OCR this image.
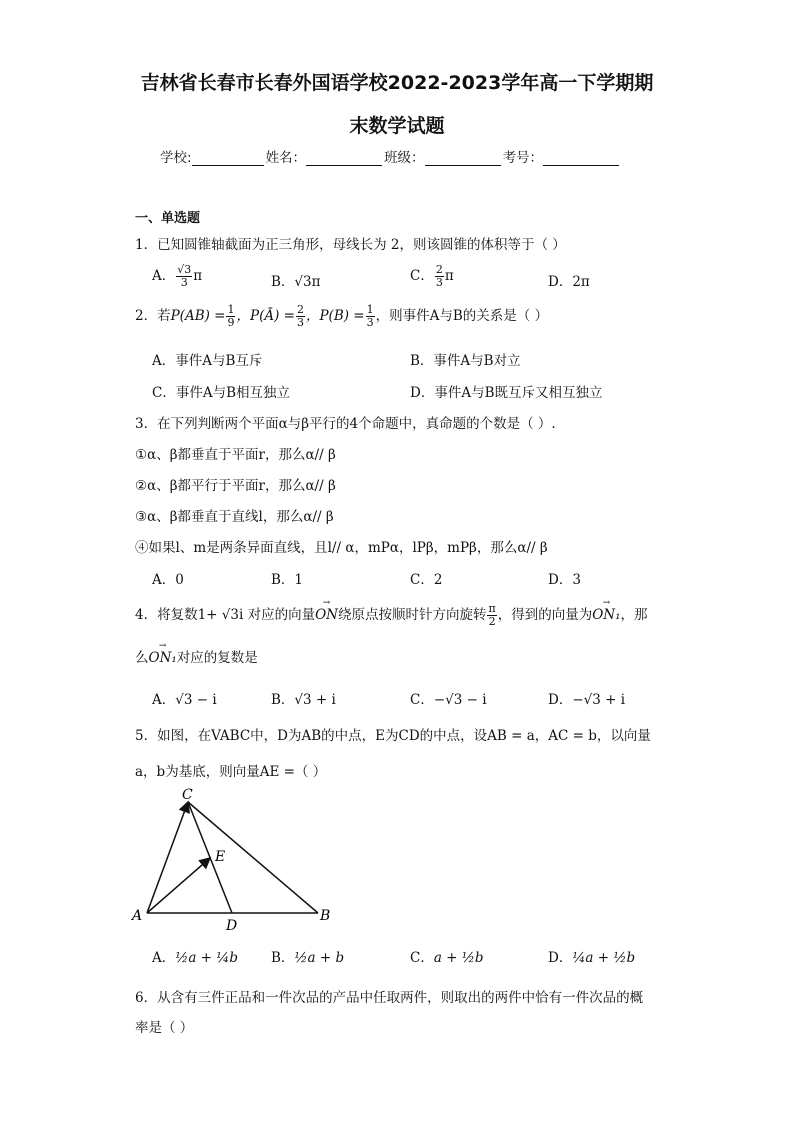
吉林省长春市长春外国语学校2022-2023学年高一下学期期
末数学试题
学校:	姓名：	班级：	考号：
一、单选题
1．已知圆锥轴截面为正三角形，母线长为 2，则该圆锥的体积等于（ ）
A． $\frac{√3}{3}$ π	B．√3π	C． $\frac{2}{3}$ π	D．2π
2．若$P(AB) = \frac{1}{9}$ ，P(Ā) = $\frac{2}{3}$ ，$P(B) = \frac{1}{3}$ ，则事件A与B的关系是（ ）
A．事件A与B互斥	B．事件A与B对立
C．事件A与B相互独立	D．事件A与B既互斥又相互独立
3．在下列判断两个平面α与β平行的4个命题中，真命题的个数是（ ）.
①α、β都垂直于平面r，那么α// β
②α、β都平行于平面r，那么α// β
③α、β都垂直于直线l，那么α// β
④如果l、m是两条异面直线，且l// α，mPα，lPβ，mPβ，那么α// β
A．0	B．1	C．2	D．3
4．将复数1+ √3i 对应的向量→ ON绕原点按顺时针方向旋转 $\frac{\pi}{2}$ ，得到的向量为→ ON₁，那
么→ ON₁对应的复数是
A．√3 − i	B．√3 + i	C．−√3 − i	D．−√3 + i
5．如图，在VABC中，D为AB的中点，E为CD的中点，设AB = a，AC = b，以向量
a，b为基底，则向量AE =（ ）
C
E
A
D
B
A．½a + ¼b B．½a + b	C．a + ½b	D．¼a + ½b
6．从含有三件正品和一件次品的产品中任取两件，则取出的两件中恰有一件次品的概
率是（ ）
